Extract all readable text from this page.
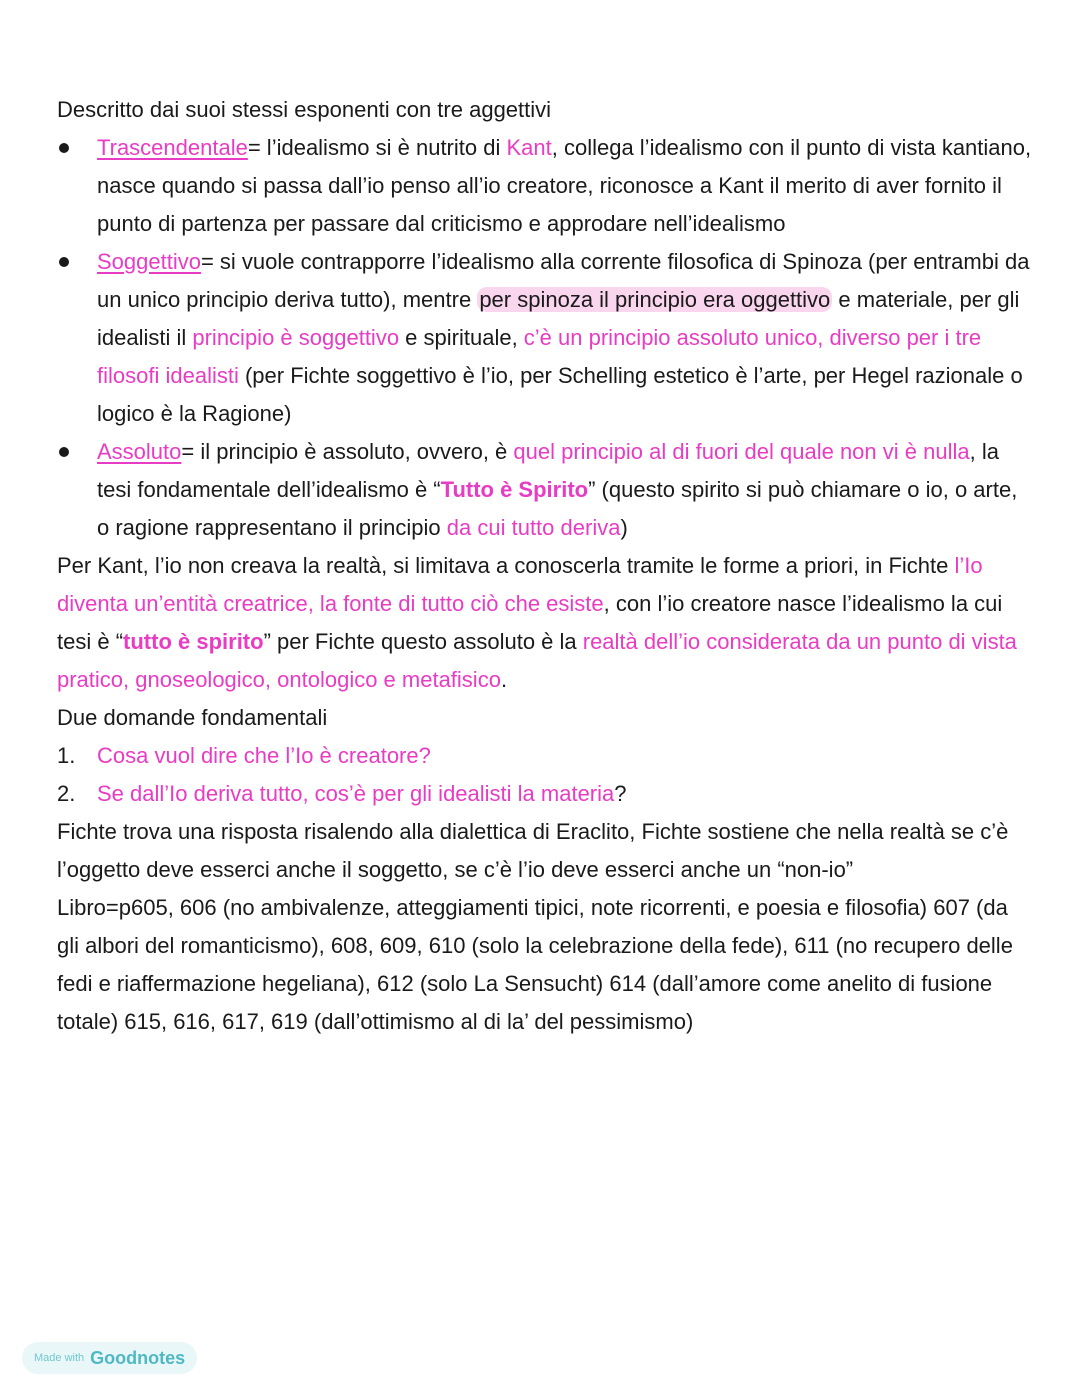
Descritto dai suoi stessi esponenti con tre aggettivi

Trascendentale= l’idealismo si è nutrito di Kant, collega l’idealismo con il punto di vista kantiano, nasce quando si passa dall’io penso all’io creatore, riconosce a Kant il merito di aver fornito il punto di partenza per passare dal criticismo e approdare nell’idealismo
Soggettivo= si vuole contrapporre l’idealismo alla corrente filosofica di Spinoza (per entrambi da un unico principio deriva tutto), mentre per spinoza il principio era oggettivo e materiale, per gli idealisti il principio è soggettivo e spirituale, c’è un principio assoluto unico, diverso per i tre filosofi idealisti (per Fichte soggettivo è l’io, per Schelling estetico è l’arte, per Hegel razionale o logico è la Ragione)
Assoluto= il principio è assoluto, ovvero, è quel principio al di fuori del quale non vi è nulla, la tesi fondamentale dell’idealismo è “Tutto è Spirito” (questo spirito si può chiamare o io, o arte, o ragione rappresentano il principio da cui tutto deriva)

Per Kant, l’io non creava la realtà, si limitava a conoscerla tramite le forme a priori, in Fichte l’Io diventa un’entità creatrice, la fonte di tutto ciò che esiste, con l’io creatore nasce l’idealismo la cui tesi è “tutto è spirito” per Fichte questo assoluto è la realtà dell’io considerata da un punto di vista pratico, gnoseologico, ontologico e metafisico.

Due domande fondamentali

1. Cosa vuol dire che l’Io è creatore?
2. Se dall’Io deriva tutto, cos’è per gli idealisti la materia?

Fichte trova una risposta risalendo alla dialettica di Eraclito, Fichte sostiene che nella realtà se c’è l’oggetto deve esserci anche il soggetto, se c’è l’io deve esserci anche un “non-io”

Libro=p605, 606 (no ambivalenze, atteggiamenti tipici, note ricorrenti, e poesia e filosofia) 607 (da gli albori del romanticismo), 608, 609, 610 (solo la celebrazione della fede), 611 (no recupero delle fedi e riaffermazione hegeliana), 612 (solo La Sensucht) 614 (dall’amore come anelito di fusione totale) 615, 616, 617, 619 (dall’ottimismo al di la’ del pessimismo)

Made with Goodnotes
